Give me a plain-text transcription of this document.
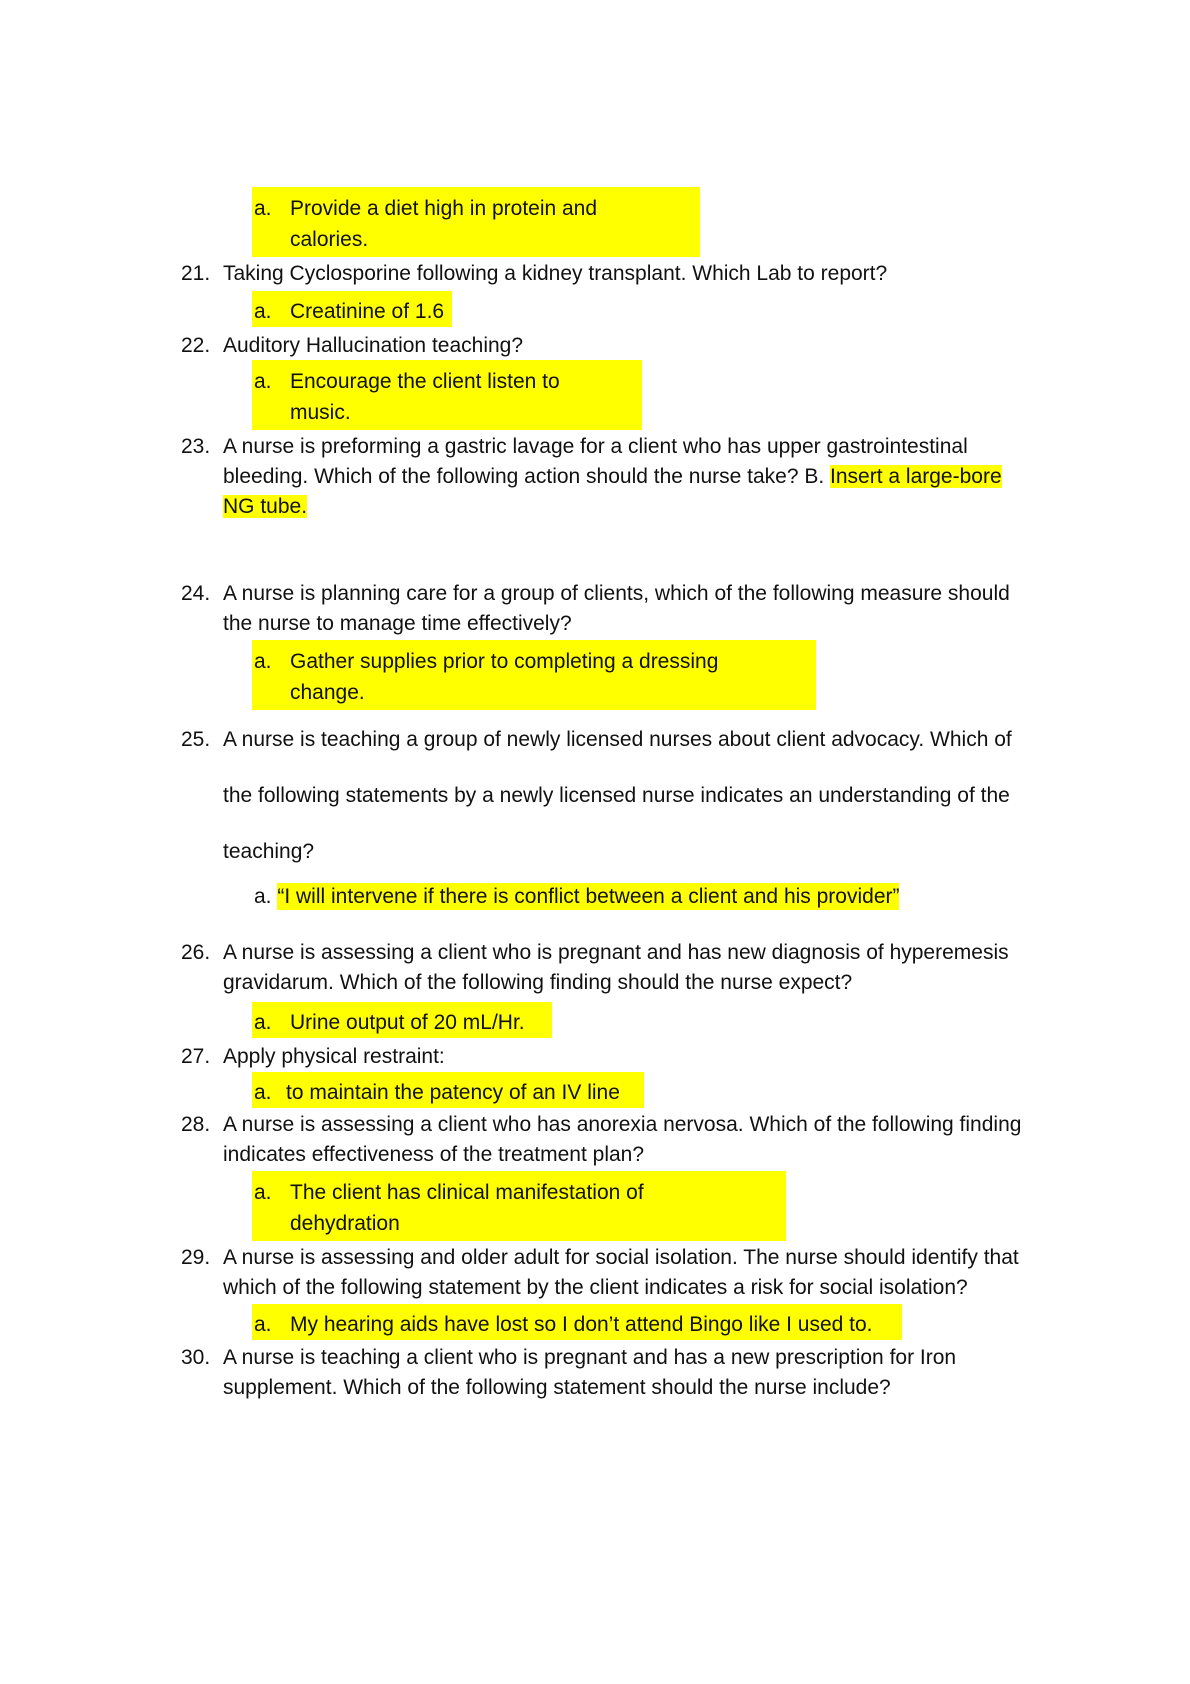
a. Provide a diet high in protein and
calories.
21. Taking Cyclosporine following a kidney transplant. Which Lab to report?
a. Creatinine of 1.6
22. Auditory Hallucination teaching?
a. Encourage the client listen to
music.
23. A nurse is preforming a gastric lavage for a client who has upper gastrointestinal
bleeding. Which of the following action should the nurse take? B. Insert a large-bore
NG tube.
24. A nurse is planning care for a group of clients, which of the following measure should
the nurse to manage time effectively?
a. Gather supplies prior to completing a dressing
change.
25. A nurse is teaching a group of newly licensed nurses about client advocacy. Which of
the following statements by a newly licensed nurse indicates an understanding of the
teaching?
a. “I will intervene if there is conflict between a client and his provider”
26. A nurse is assessing a client who is pregnant and has new diagnosis of hyperemesis
gravidarum. Which of the following finding should the nurse expect?
a. Urine output of 20 mL/Hr.
27. Apply physical restraint:
a. to maintain the patency of an IV line
28. A nurse is assessing a client who has anorexia nervosa. Which of the following finding
indicates effectiveness of the treatment plan?
a. The client has clinical manifestation of
dehydration
29. A nurse is assessing and older adult for social isolation. The nurse should identify that
which of the following statement by the client indicates a risk for social isolation?
a. My hearing aids have lost so I don’t attend Bingo like I used to.
30. A nurse is teaching a client who is pregnant and has a new prescription for Iron
supplement. Which of the following statement should the nurse include?
